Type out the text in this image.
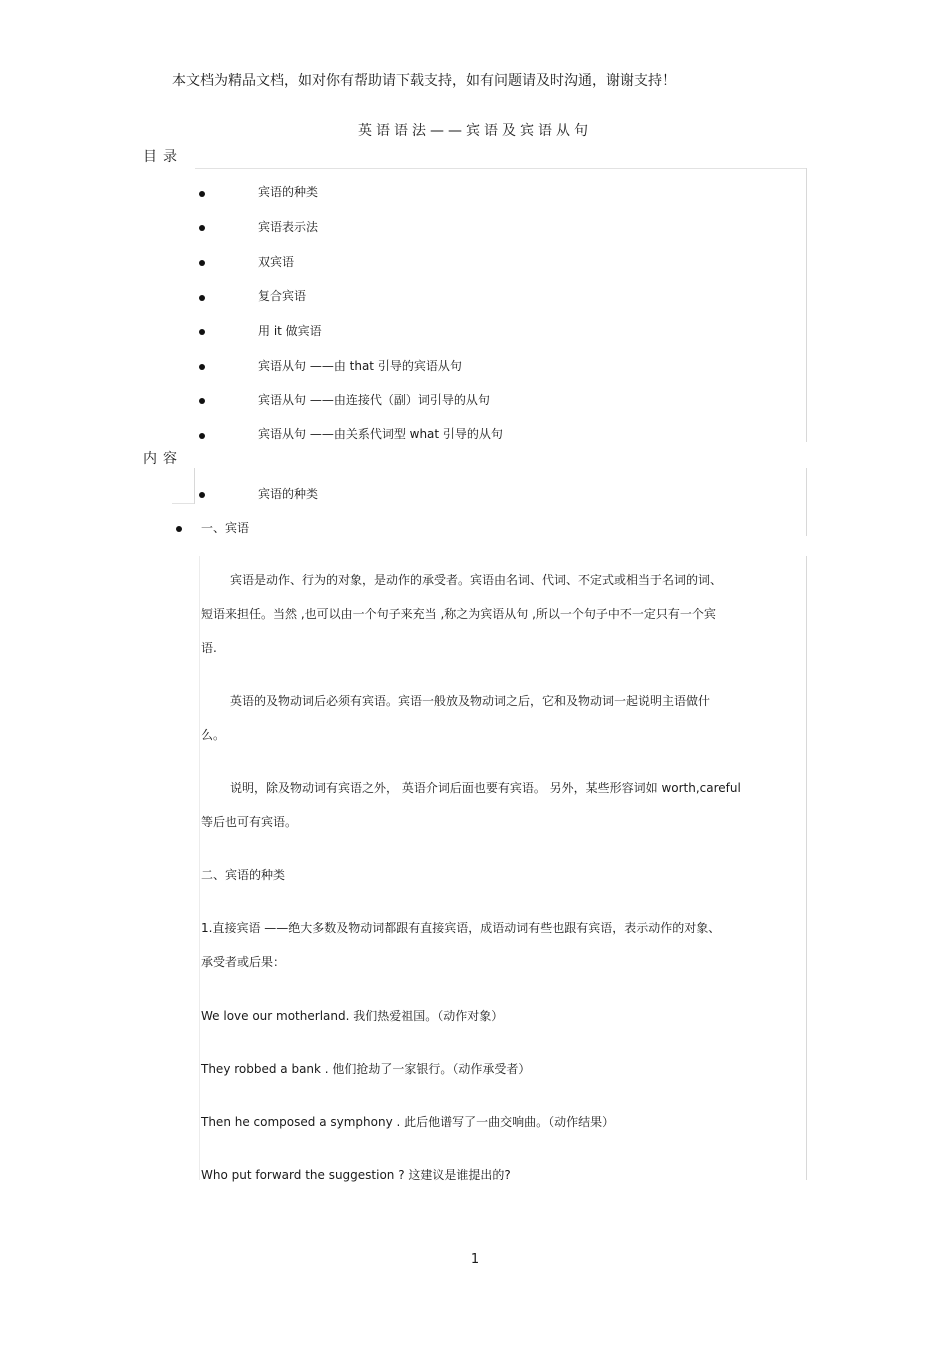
本文档为精品文档，如对你有帮助请下载支持，如有问题请及时沟通，谢谢支持！
英语语法——宾语及宾语从句
目录
宾语的种类
宾语表示法
双宾语
复合宾语
用 it 做宾语
宾语从句 ——由 that 引导的宾语从句
宾语从句 ——由连接代（副）词引导的从句
宾语从句 ——由关系代词型 what 引导的从句
内容
宾语的种类
一、宾语
宾语是动作、行为的对象，是动作的承受者。宾语由名词、代词、不定式或相当于名词的词、
短语来担任。当然 ,也可以由一个句子来充当 ,称之为宾语从句 ,所以一个句子中不一定只有一个宾
语.
英语的及物动词后必须有宾语。宾语一般放及物动词之后，它和及物动词一起说明主语做什
么。
说明，除及物动词有宾语之外， 英语介词后面也要有宾语。 另外，某些形容词如 worth,careful
等后也可有宾语。
二、宾语的种类
1.直接宾语 ——绝大多数及物动词都跟有直接宾语，成语动词有些也跟有宾语，表示动作的对象、
承受者或后果：
We love our motherland. 我们热爱祖国。（动作对象）
They robbed a bank . 他们抢劫了一家银行。（动作承受者）
Then he composed a symphony . 此后他谱写了一曲交响曲。（动作结果）
Who put forward the suggestion ? 这建议是谁提出的?
1
